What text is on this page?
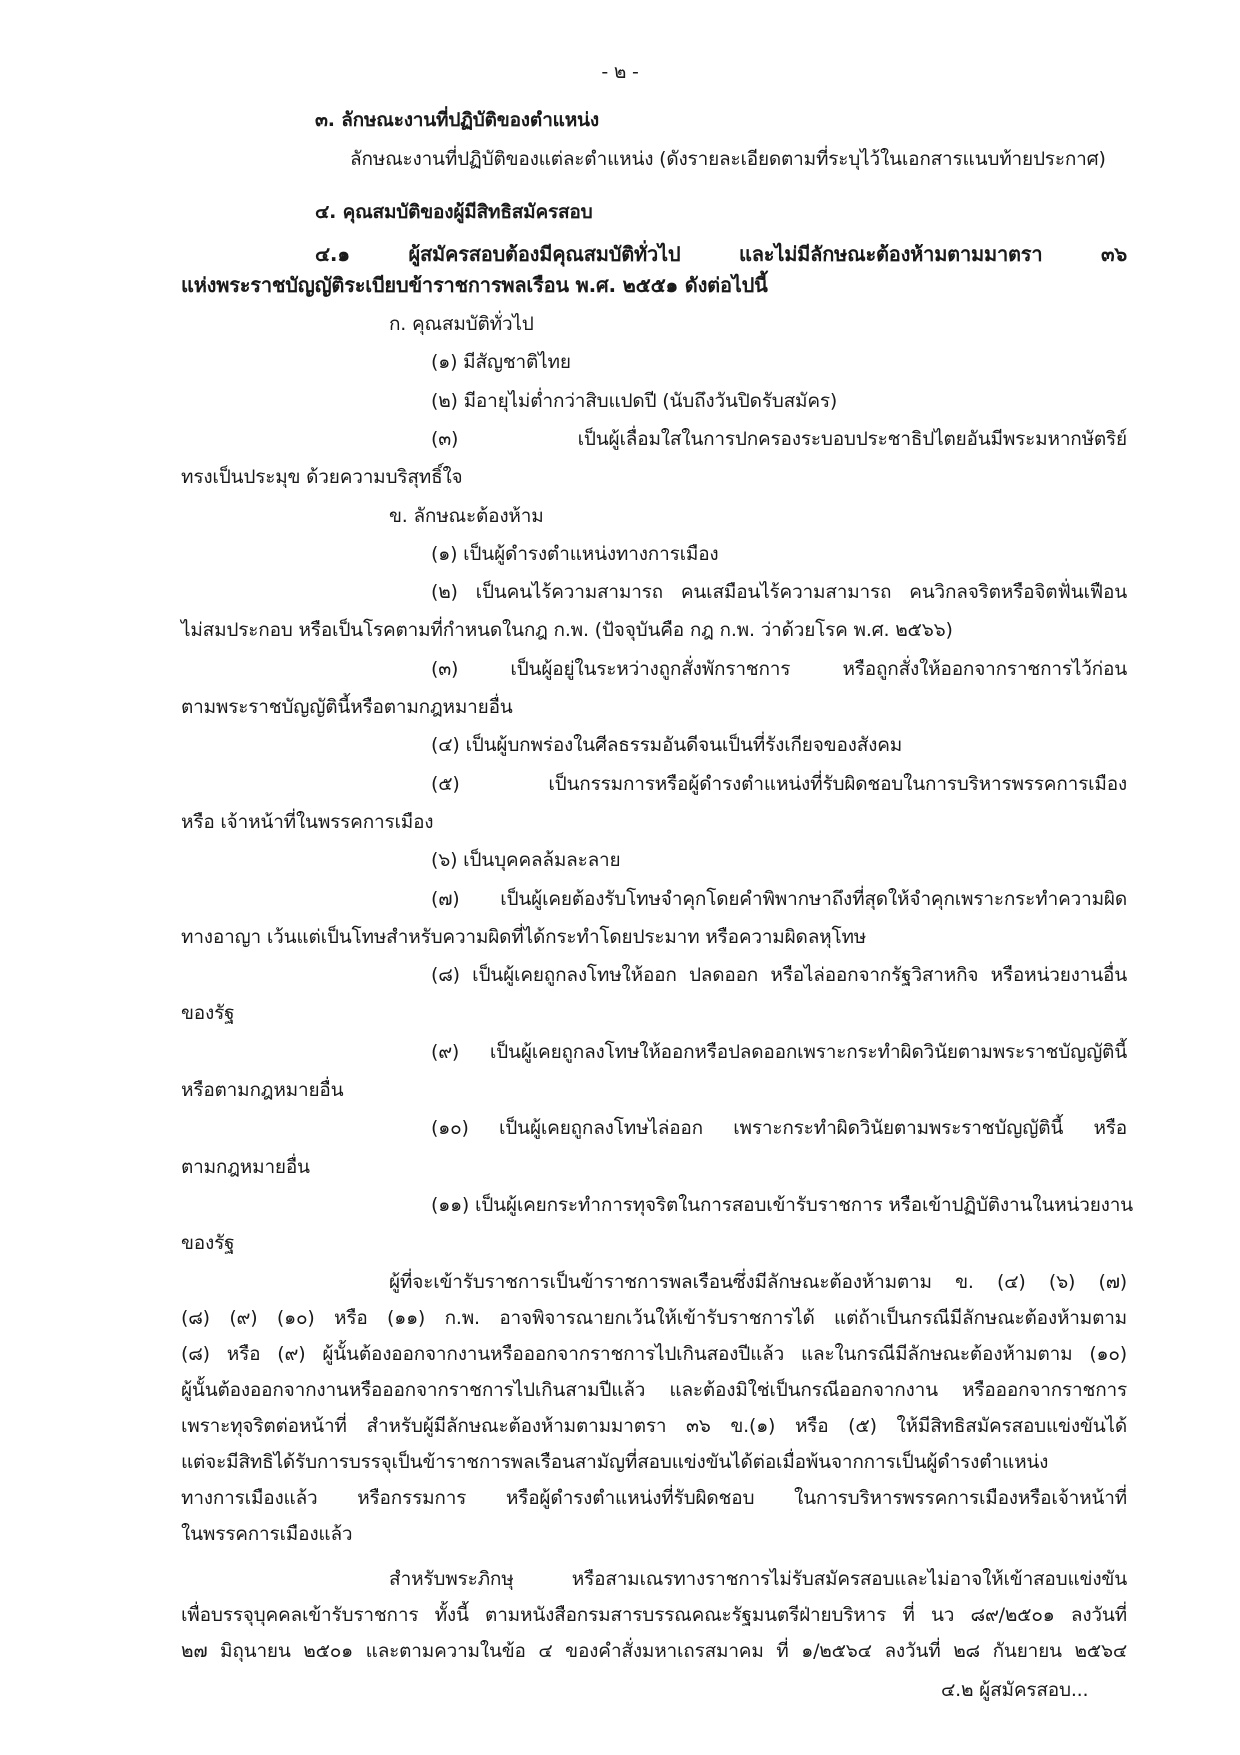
- ๒ -
๓. ลักษณะงานที่ปฏิบัติของตำแหน่ง
ลักษณะงานที่ปฏิบัติของแต่ละตำแหน่ง (ดังรายละเอียดตามที่ระบุไว้ในเอกสารแนบท้ายประกาศ)
๔. คุณสมบัติของผู้มีสิทธิสมัครสอบ
๔.๑ ผู้สมัครสอบต้องมีคุณสมบัติทั่วไป และไม่มีลักษณะต้องห้ามตามมาตรา ๓๖
แห่งพระราชบัญญัติระเบียบข้าราชการพลเรือน พ.ศ. ๒๕๕๑ ดังต่อไปนี้
ก. คุณสมบัติทั่วไป
(๑) มีสัญชาติไทย
(๒) มีอายุไม่ต่ำกว่าสิบแปดปี (นับถึงวันปิดรับสมัคร)
(๓) เป็นผู้เลื่อมใสในการปกครองระบอบประชาธิปไตยอันมีพระมหากษัตริย์
ทรงเป็นประมุข ด้วยความบริสุทธิ์ใจ
ข. ลักษณะต้องห้าม
(๑) เป็นผู้ดำรงตำแหน่งทางการเมือง
(๒) เป็นคนไร้ความสามารถ คนเสมือนไร้ความสามารถ คนวิกลจริตหรือจิตฟั่นเฟือน
ไม่สมประกอบ หรือเป็นโรคตามที่กำหนดในกฎ ก.พ. (ปัจจุบันคือ กฎ ก.พ. ว่าด้วยโรค พ.ศ. ๒๕๖๖)
(๓) เป็นผู้อยู่ในระหว่างถูกสั่งพักราชการ หรือถูกสั่งให้ออกจากราชการไว้ก่อน
ตามพระราชบัญญัตินี้หรือตามกฎหมายอื่น
(๔) เป็นผู้บกพร่องในศีลธรรมอันดีจนเป็นที่รังเกียจของสังคม
(๕) เป็นกรรมการหรือผู้ดำรงตำแหน่งที่รับผิดชอบในการบริหารพรรคการเมือง
หรือ เจ้าหน้าที่ในพรรคการเมือง
(๖) เป็นบุคคลล้มละลาย
(๗) เป็นผู้เคยต้องรับโทษจำคุกโดยคำพิพากษาถึงที่สุดให้จำคุกเพราะกระทำความผิด
ทางอาญา เว้นแต่เป็นโทษสำหรับความผิดที่ได้กระทำโดยประมาท หรือความผิดลหุโทษ
(๘) เป็นผู้เคยถูกลงโทษให้ออก ปลดออก หรือไล่ออกจากรัฐวิสาหกิจ หรือหน่วยงานอื่น
ของรัฐ
(๙) เป็นผู้เคยถูกลงโทษให้ออกหรือปลดออกเพราะกระทำผิดวินัยตามพระราชบัญญัตินี้
หรือตามกฎหมายอื่น
(๑๐) เป็นผู้เคยถูกลงโทษไล่ออก เพราะกระทำผิดวินัยตามพระราชบัญญัตินี้ หรือ
ตามกฎหมายอื่น
(๑๑) เป็นผู้เคยกระทำการทุจริตในการสอบเข้ารับราชการ หรือเข้าปฏิบัติงานในหน่วยงาน
ของรัฐ
ผู้ที่จะเข้ารับราชการเป็นข้าราชการพลเรือนซึ่งมีลักษณะต้องห้ามตาม ข. (๔) (๖) (๗)
(๘) (๙) (๑๐) หรือ (๑๑) ก.พ. อาจพิจารณายกเว้นให้เข้ารับราชการได้ แต่ถ้าเป็นกรณีมีลักษณะต้องห้ามตาม
(๘) หรือ (๙) ผู้นั้นต้องออกจากงานหรือออกจากราชการไปเกินสองปีแล้ว และในกรณีมีลักษณะต้องห้ามตาม (๑๐)
ผู้นั้นต้องออกจากงานหรือออกจากราชการไปเกินสามปีแล้ว และต้องมิใช่เป็นกรณีออกจากงาน หรือออกจากราชการ
เพราะทุจริตต่อหน้าที่ สำหรับผู้มีลักษณะต้องห้ามตามมาตรา ๓๖ ข.(๑) หรือ (๕) ให้มีสิทธิสมัครสอบแข่งขันได้
แต่จะมีสิทธิได้รับการบรรจุเป็นข้าราชการพลเรือนสามัญที่สอบแข่งขันได้ต่อเมื่อพ้นจากการเป็นผู้ดำรงตำแหน่ง
ทางการเมืองแล้ว หรือกรรมการ หรือผู้ดำรงตำแหน่งที่รับผิดชอบ ในการบริหารพรรคการเมืองหรือเจ้าหน้าที่
ในพรรคการเมืองแล้ว
สำหรับพระภิกษุ หรือสามเณรทางราชการไม่รับสมัครสอบและไม่อาจให้เข้าสอบแข่งขัน
เพื่อบรรจุบุคคลเข้ารับราชการ ทั้งนี้ ตามหนังสือกรมสารบรรณคณะรัฐมนตรีฝ่ายบริหาร ที่ นว ๘๙/๒๕๐๑ ลงวันที่
๒๗ มิถุนายน ๒๕๐๑ และตามความในข้อ ๔ ของคำสั่งมหาเถรสมาคม ที่ ๑/๒๕๖๔ ลงวันที่ ๒๘ กันยายน ๒๕๖๔
๔.๒ ผู้สมัครสอบ...
